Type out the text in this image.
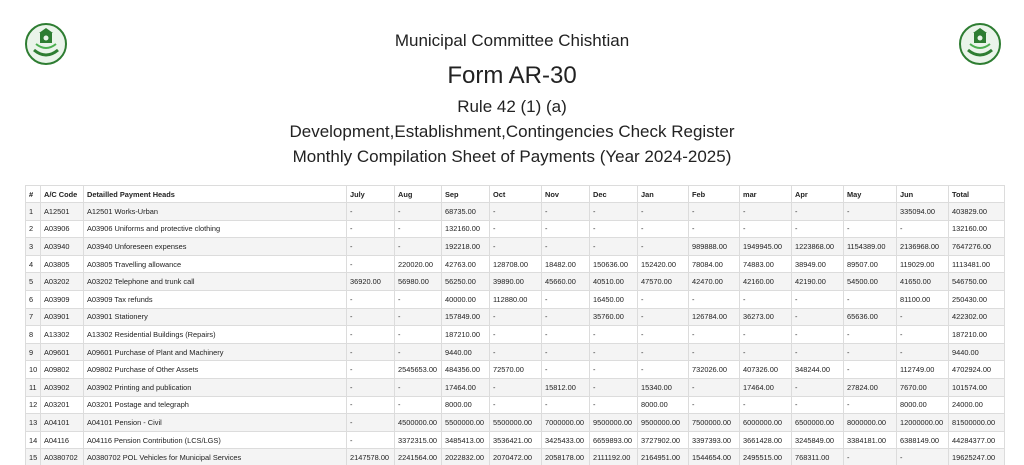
Municipal Committee Chishtian
Form AR-30
Rule 42 (1) (a)
Development,Establishment,Contingencies Check Register
Monthly Compilation Sheet of Payments (Year 2024-2025)
#	A/C Code	Detailled Payment Heads	July	Aug	Sep	Oct	Nov	Dec	Jan	Feb	mar	Apr	May	Jun	Total
1	A12501	A12501 Works-Urban	-	-	68735.00	-	-	-	-	-	-	-	-	335094.00	403829.00
2	A03906	A03906 Uniforms and protective clothing	-	-	132160.00	-	-	-	-	-	-	-	-	-	132160.00
3	A03940	A03940 Unforeseen expenses	-	-	192218.00	-	-	-	-	989888.00	1949945.00	1223868.00	1154389.00	2136968.00	7647276.00
4	A03805	A03805 Travelling allowance	-	220020.00	42763.00	128708.00	18482.00	150636.00	152420.00	78084.00	74883.00	38949.00	89507.00	119029.00	1113481.00
5	A03202	A03202 Telephone and trunk call	36920.00	56980.00	56250.00	39890.00	45660.00	40510.00	47570.00	42470.00	42160.00	42190.00	54500.00	41650.00	546750.00
6	A03909	A03909 Tax refunds	-	-	40000.00	112880.00	-	16450.00	-	-	-	-	-	81100.00	250430.00
7	A03901	A03901 Stationery	-	-	157849.00	-	-	35760.00	-	126784.00	36273.00	-	65636.00	-	422302.00
8	A13302	A13302 Residential Buildings (Repairs)	-	-	187210.00	-	-	-	-	-	-	-	-	-	187210.00
9	A09601	A09601 Purchase of Plant and Machinery	-	-	9440.00	-	-	-	-	-	-	-	-	-	9440.00
10	A09802	A09802 Purchase of Other Assets	-	2545653.00	484356.00	72570.00	-	-	-	732026.00	407326.00	348244.00	-	112749.00	4702924.00
11	A03902	A03902 Printing and publication	-	-	17464.00	-	15812.00	-	15340.00	-	17464.00	-	27824.00	7670.00	101574.00
12	A03201	A03201 Postage and telegraph	-	-	8000.00	-	-	-	8000.00	-	-	-	-	8000.00	24000.00
13	A04101	A04101 Pension - Civil	-	4500000.00	5500000.00	5500000.00	7000000.00	9500000.00	9500000.00	7500000.00	6000000.00	6500000.00	8000000.00	12000000.00	81500000.00
14	A04116	A04116 Pension Contribution (LCS/LGS)	-	3372315.00	3485413.00	3536421.00	3425433.00	6659893.00	3727902.00	3397393.00	3661428.00	3245849.00	3384181.00	6388149.00	44284377.00
15	A0380702	A0380702 POL Vehicles for Municipal Services	2147578.00	2241564.00	2022832.00	2070472.00	2058178.00	2111192.00	2164951.00	1544654.00	2495515.00	768311.00	-	-	19625247.00
